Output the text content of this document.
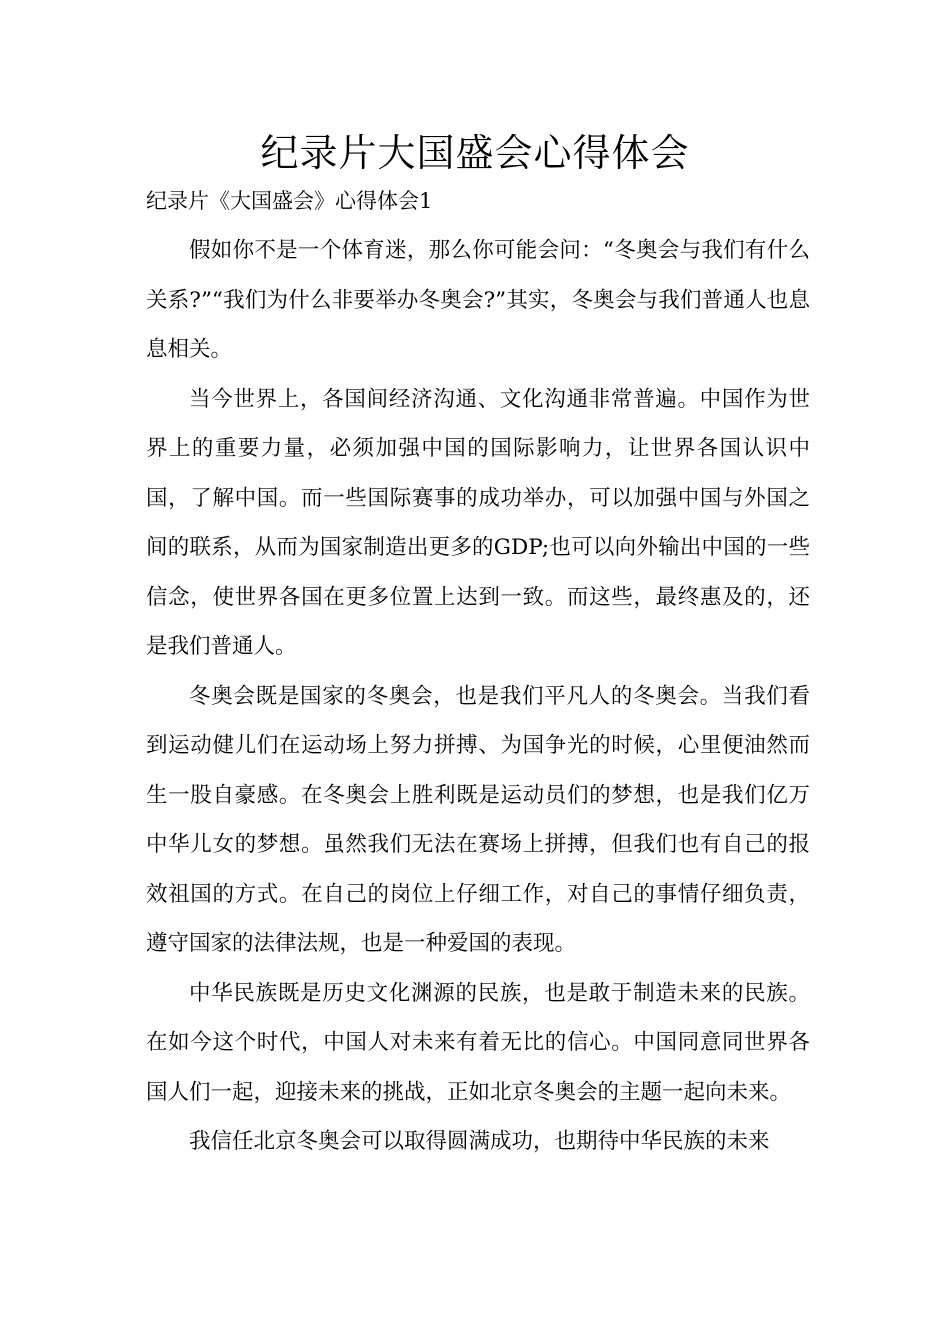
纪录片大国盛会心得体会

纪录片《大国盛会》心得体会1

假如你不是一个体育迷，那么你可能会问：“冬奥会与我们有什么关系?”“我们为什么非要举办冬奥会?”其实，冬奥会与我们普通人也息息相关。

当今世界上，各国间经济沟通、文化沟通非常普遍。中国作为世界上的重要力量，必须加强中国的国际影响力，让世界各国认识中国，了解中国。而一些国际赛事的成功举办，可以加强中国与外国之间的联系，从而为国家制造出更多的GDP;也可以向外输出中国的一些信念，使世界各国在更多位置上达到一致。而这些，最终惠及的，还是我们普通人。

冬奥会既是国家的冬奥会，也是我们平凡人的冬奥会。当我们看到运动健儿们在运动场上努力拼搏、为国争光的时候，心里便油然而生一股自豪感。在冬奥会上胜利既是运动员们的梦想，也是我们亿万中华儿女的梦想。虽然我们无法在赛场上拼搏，但我们也有自己的报效祖国的方式。在自己的岗位上仔细工作，对自己的事情仔细负责，遵守国家的法律法规，也是一种爱国的表现。

中华民族既是历史文化渊源的民族，也是敢于制造未来的民族。在如今这个时代，中国人对未来有着无比的信心。中国同意同世界各国人们一起，迎接未来的挑战，正如北京冬奥会的主题一起向未来。

我信任北京冬奥会可以取得圆满成功，也期待中华民族的未来
